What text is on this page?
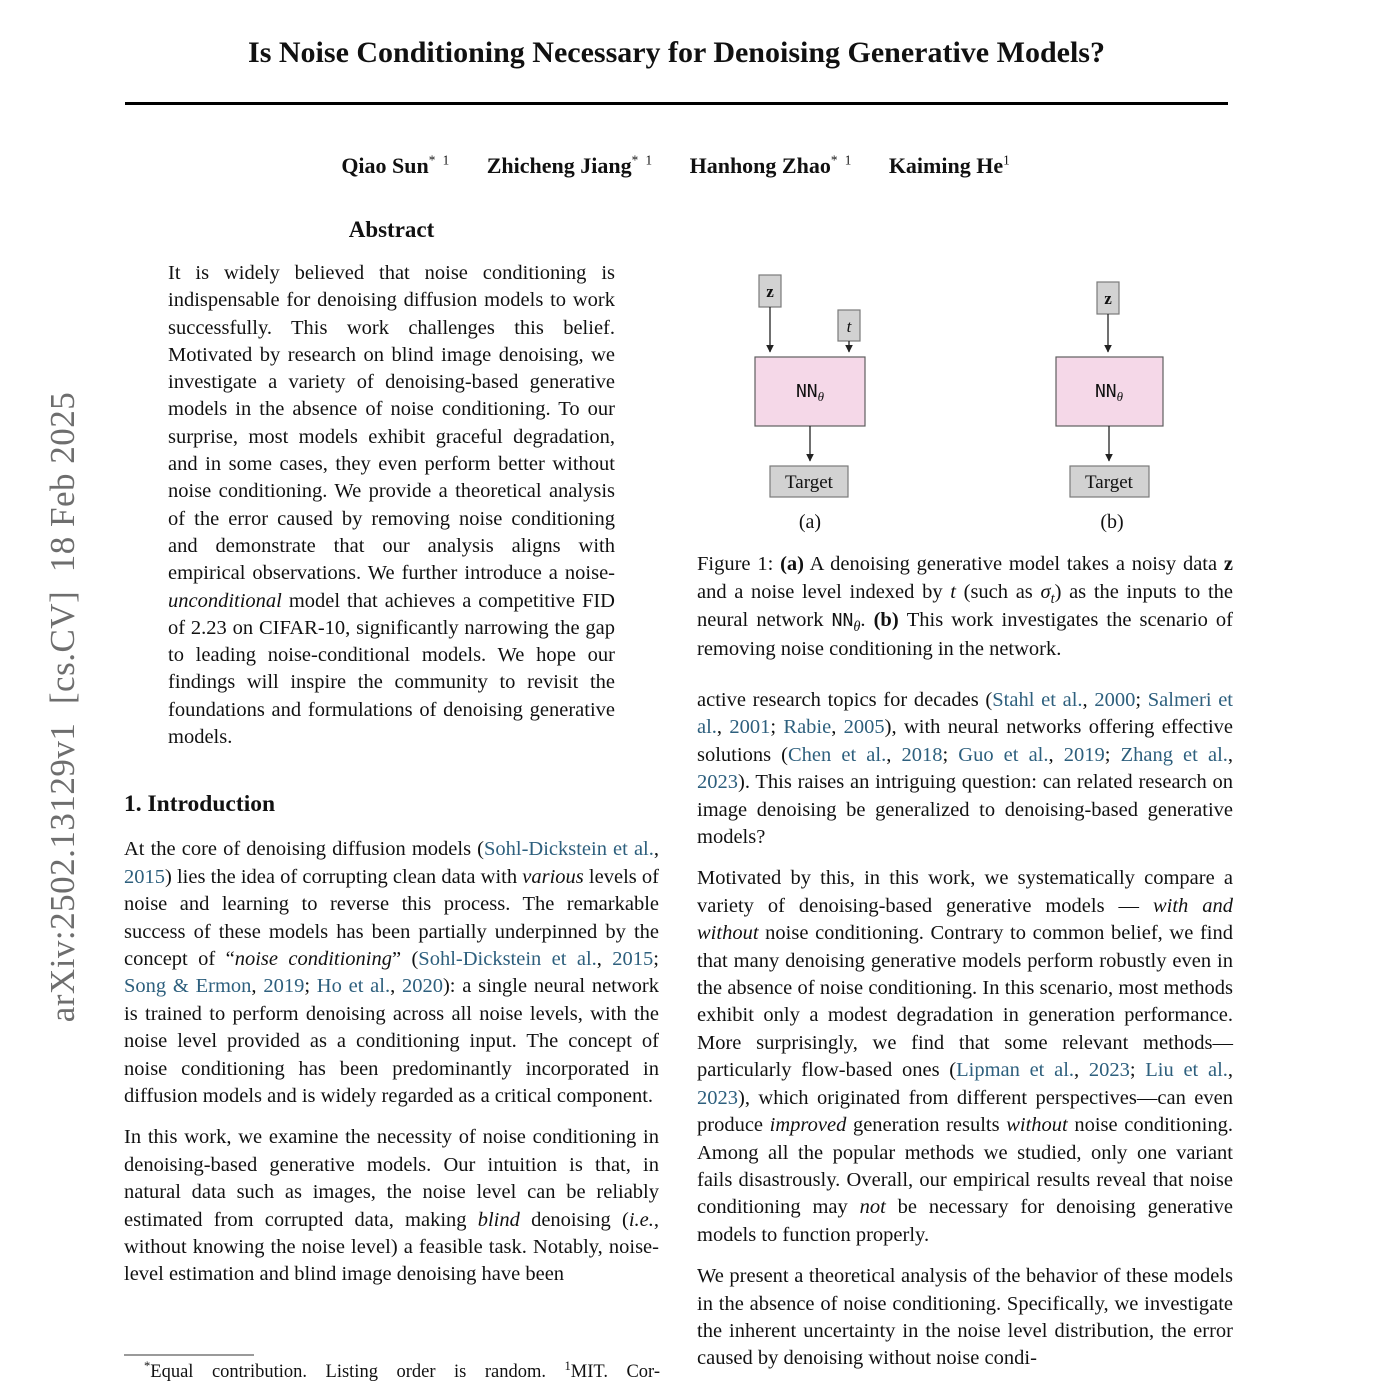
arXiv:2502.13129v1  [cs.CV]  18 Feb 2025
Is Noise Conditioning Necessary for Denoising Generative Models?
Qiao Sun$^{* 1}$ Zhicheng Jiang$^{* 1}$ Hanhong Zhao$^{* 1}$ Kaiming He$^1$
Abstract
It is widely believed that noise conditioning is indispensable for denoising diffusion models to work successfully. This work challenges this belief. Motivated by research on blind image denoising, we investigate a variety of denoising-based generative models in the absence of noise conditioning. To our surprise, most models exhibit graceful degradation, and in some cases, they even perform better without noise conditioning. We provide a theoretical analysis of the error caused by removing noise conditioning and demonstrate that our analysis aligns with empirical observations. We further introduce a noise-unconditional model that achieves a competitive FID of 2.23 on CIFAR-10, significantly narrowing the gap to leading noise-conditional models. We hope our findings will inspire the community to revisit the foundations and formulations of denoising generative models.
1. Introduction
At the core of denoising diffusion models (Sohl-Dickstein et al., 2015) lies the idea of corrupting clean data with various levels of noise and learning to reverse this process. The remarkable success of these models has been partially underpinned by the concept of “noise conditioning” (Sohl-Dickstein et al., 2015; Song & Ermon, 2019; Ho et al., 2020): a single neural network is trained to perform denoising across all noise levels, with the noise level provided as a conditioning input. The concept of noise conditioning has been predominantly incorporated in diffusion models and is widely regarded as a critical component.
In this work, we examine the necessity of noise conditioning in denoising-based generative models. Our intuition is that, in natural data such as images, the noise level can be reliably estimated from corrupted data, making blind denoising (i.e., without knowing the noise level) a feasible task. Notably, noise-level estimation and blind image denoising have been
z
t
$NN_\theta$
Target
(a)
z
$NN_\theta$
Target
(b)
Figure 1: (a) A denoising generative model takes a noisy data z and a noise level indexed by t (such as $\sigma_t$) as the inputs to the neural network $NN_\theta$. (b) This work investigates the scenario of removing noise conditioning in the network.
active research topics for decades (Stahl et al., 2000; Salmeri et al., 2001; Rabie, 2005), with neural networks offering effective solutions (Chen et al., 2018; Guo et al., 2019; Zhang et al., 2023). This raises an intriguing question: can related research on image denoising be generalized to denoising-based generative models?
Motivated by this, in this work, we systematically compare a variety of denoising-based generative models — with and without noise conditioning. Contrary to common belief, we find that many denoising generative models perform robustly even in the absence of noise conditioning. In this scenario, most methods exhibit only a modest degradation in generation performance. More surprisingly, we find that some relevant methods—particularly flow-based ones (Lipman et al., 2023; Liu et al., 2023), which originated from different perspectives—can even produce improved generation results without noise conditioning. Among all the popular methods we studied, only one variant fails disastrously. Overall, our empirical results reveal that noise conditioning may not be necessary for denoising generative models to function properly.
We present a theoretical analysis of the behavior of these models in the absence of noise conditioning. Specifically, we investigate the inherent uncertainty in the noise level distribution, the error caused by denoising without noise condi-
*Equal contribution. Listing order is random. $^1$MIT. Cor-
